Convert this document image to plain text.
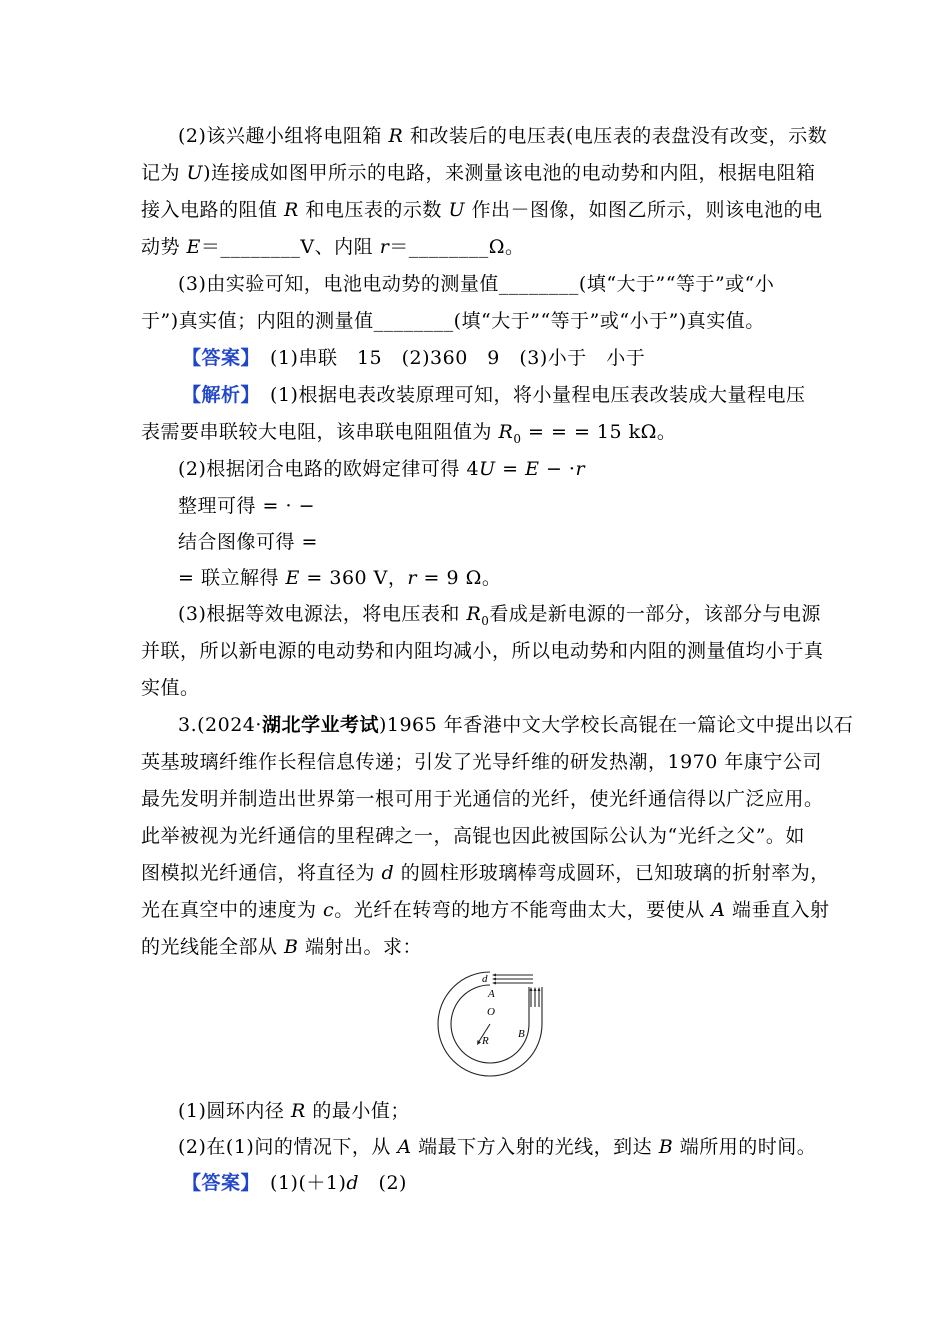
(2)该兴趣小组将电阻箱 R 和改装后的电压表(电压表的表盘没有改变，示数
记为 U)连接成如图甲所示的电路，来测量该电池的电动势和内阻，根据电阻箱
接入电路的阻值 R 和电压表的示数 U 作出－图像，如图乙所示，则该电池的电
动势 E＝________V、内阻 r＝________Ω。
(3)由实验可知，电池电动势的测量值________(填“大于”“等于”或“小
于”)真实值；内阻的测量值________(填“大于”“等于”或“小于”)真实值。
【答案】　 (1)串联　15　(2)360　9　(3)小于　小于
【解析】　 (1)根据电表改装原理可知，将小量程电压表改装成大量程电压
表需要串联较大电阻，该串联电阻阻值为 $R_0$ = = = 15 kΩ。
(2)根据闭合电路的欧姆定律可得 4U = E − ·r
整理可得 = · −
结合图像可得 =
= 联立解得 E = 360 V，r = 9 Ω。
(3)根据等效电源法，将电压表和 $R_0$看成是新电源的一部分，该部分与电源
并联，所以新电源的电动势和内阻均减小，所以电动势和内阻的测量值均小于真
实值。
3.(2024·湖北学业考试)1965 年香港中文大学校长高锟在一篇论文中提出以石
英基玻璃纤维作长程信息传递；引发了光导纤维的研发热潮，1970 年康宁公司
最先发明并制造出世界第一根可用于光通信的光纤，使光纤通信得以广泛应用。
此举被视为光纤通信的里程碑之一，高锟也因此被国际公认为“光纤之父”。如
图模拟光纤通信，将直径为 d 的圆柱形玻璃棒弯成圆环，已知玻璃的折射率为，
光在真空中的速度为 c。光纤在转弯的地方不能弯曲太大，要使从 A 端垂直入射
的光线能全部从 B 端射出。求：
d
A
O
B
R
(1)圆环内径 R 的最小值；
(2)在(1)问的情况下，从 A 端最下方入射的光线，到达 B 端所用的时间。
【答案】　 (1)(＋1)d　(2)
